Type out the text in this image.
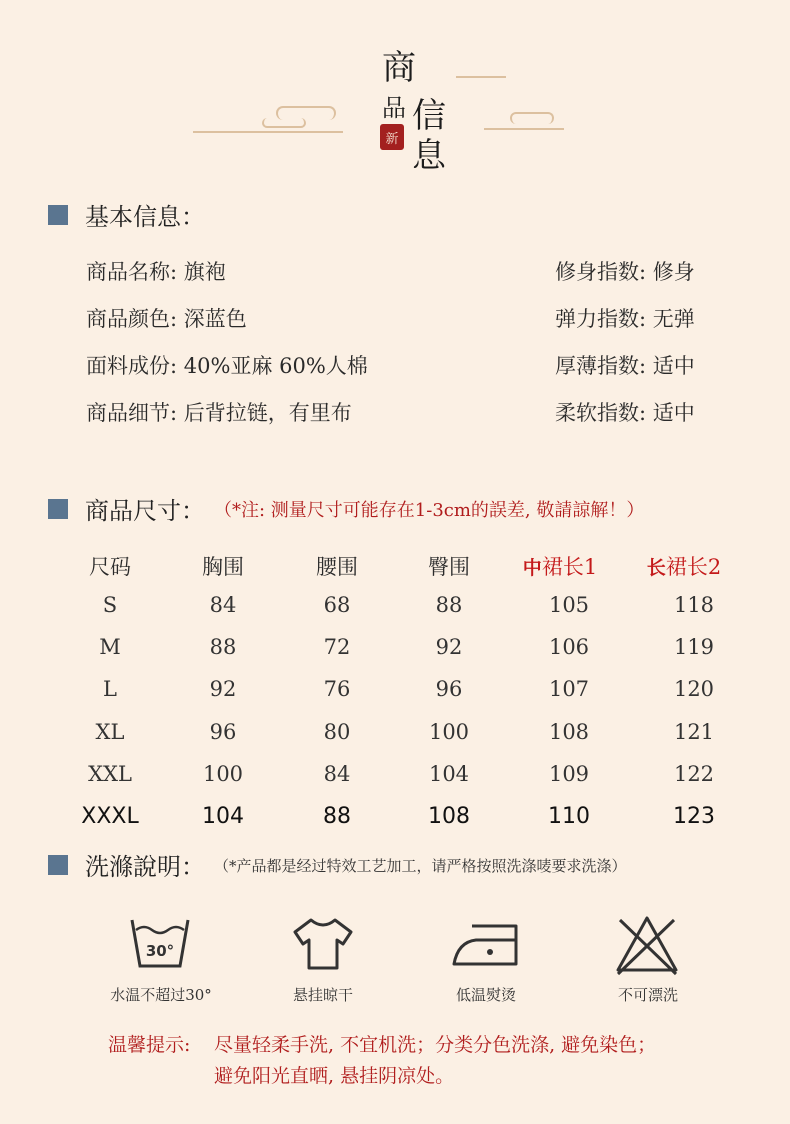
商
品 信
息
新
基本信息：
商品名称: 旗袍
商品颜色: 深蓝色
面料成份: 40%亚麻 60%人棉
商品细节: 后背拉链，有里布
修身指数: 修身
弹力指数: 无弹
厚薄指数: 适中
柔软指数: 适中
商品尺寸： （*注: 测量尺寸可能存在1-3cm的誤差, 敬請諒解！）
尺码	胸围	腰围	臀围	中裙长1	长裙长2
S	84	68	88	105	118
M	88	72	92	106	119
L	92	76	96	107	120
XL	96	80	100	108	121
XXL	100	84	104	109	122
XXXL	104	88	108	110	123
洗滌說明： （*产品都是经过特效工艺加工，请严格按照洗涤唛要求洗涤）
30°
水温不超过30°	悬挂晾干	低温熨烫	不可漂洗
温馨提示: 尽量轻柔手洗, 不宜机洗；分类分色洗涤, 避免染色；
避免阳光直晒, 悬挂阴凉处。
